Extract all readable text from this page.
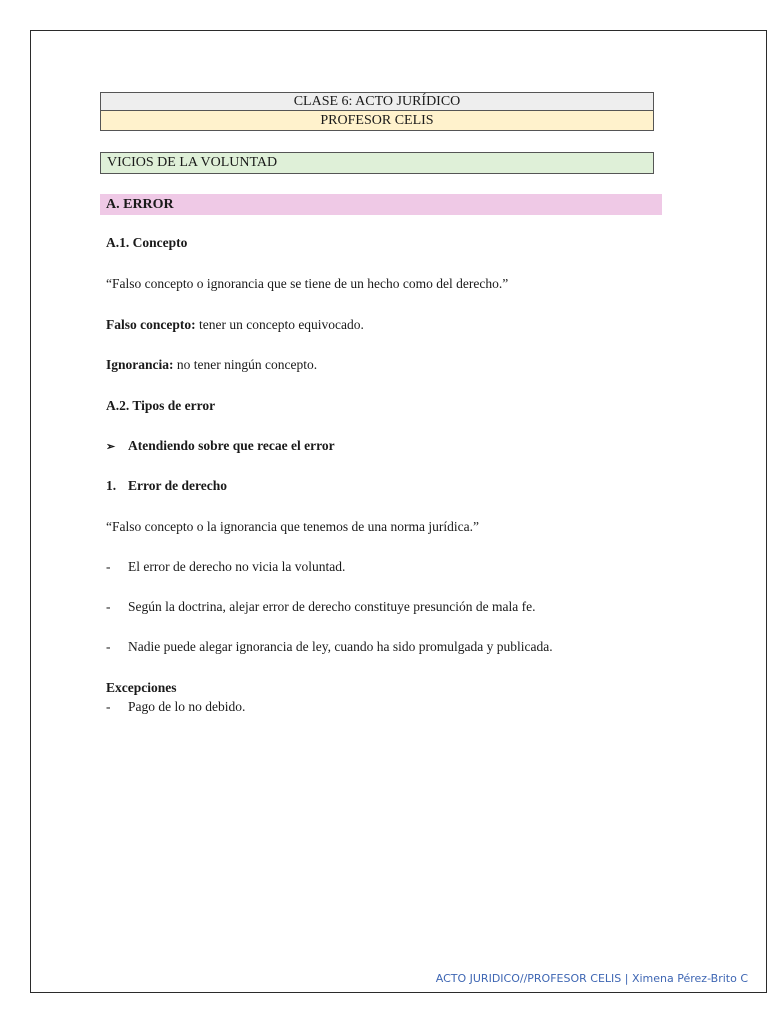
CLASE 6: ACTO JURÍDICO
PROFESOR CELIS
VICIOS DE LA VOLUNTAD
A. ERROR
A.1. Concepto
“Falso concepto o ignorancia que se tiene de un hecho como del derecho.”
Falso concepto: tener un concepto equivocado.
Ignorancia: no tener ningún concepto.
A.2. Tipos de error
➢ Atendiendo sobre que recae el error
1. Error de derecho
“Falso concepto o la ignorancia que tenemos de una norma jurídica.”
- El error de derecho no vicia la voluntad.
- Según la doctrina, alejar error de derecho constituye presunción de mala fe.
- Nadie puede alegar ignorancia de ley, cuando ha sido promulgada y publicada.
Excepciones
- Pago de lo no debido.
ACTO JURIDICO//PROFESOR CELIS | Ximena Pérez-Brito C
